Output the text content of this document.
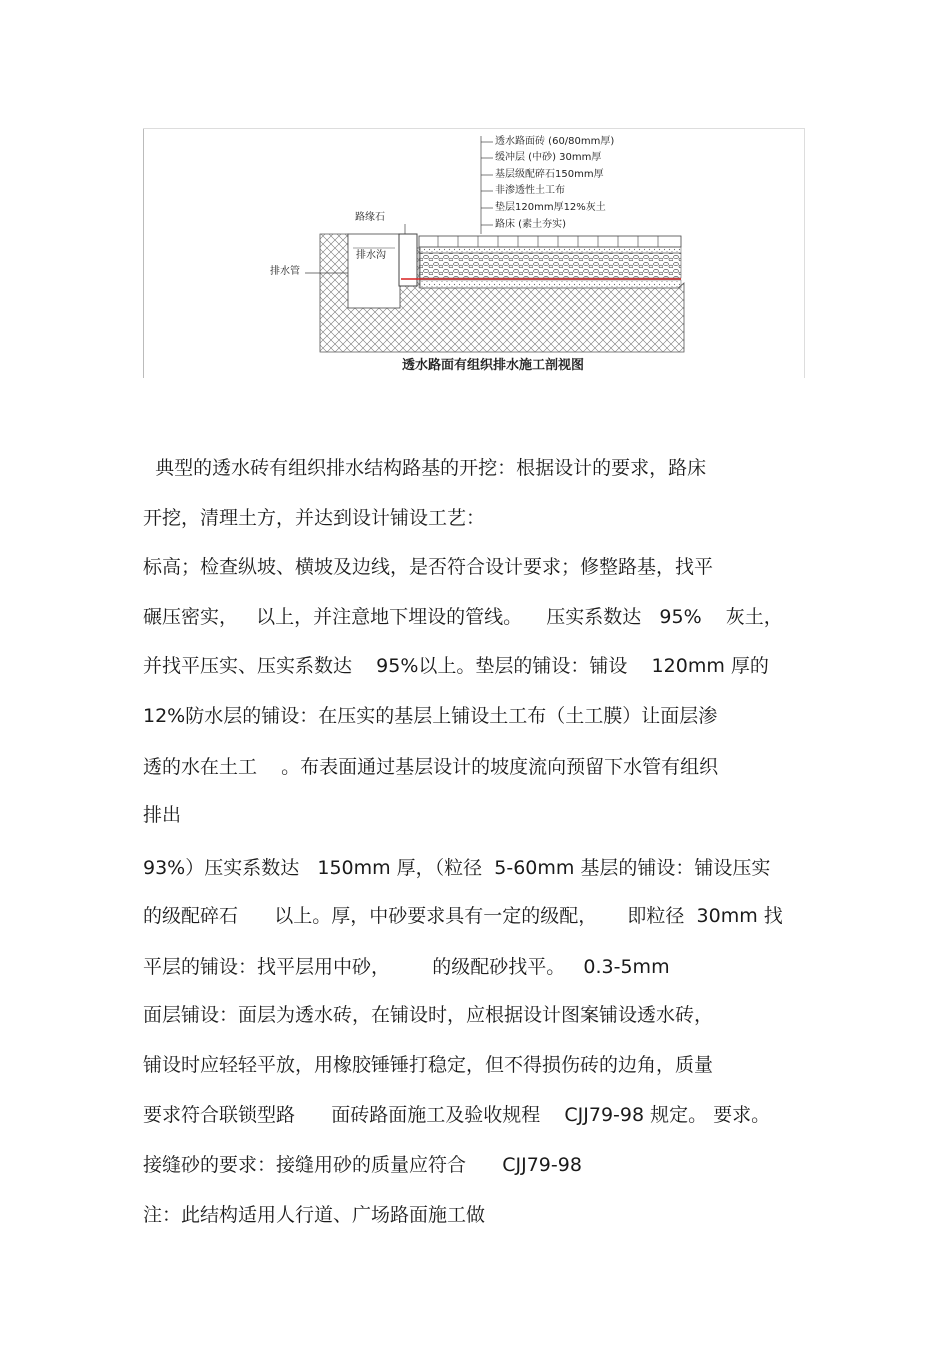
透水路面砖 (60/80mm厚)
缓冲层 (中砂) 30mm厚
基层级配碎石150mm厚
非渗透性土工布
垫层120mm厚12%灰土
路床 (素土夯实)
路缘石
排水沟
排水管
透水路面有组织排水施工剖视图
典型的透水砖有组织排水结构路基的开挖：根据设计的要求，路床
开挖，清理土方，并达到设计铺设工艺：
标高；检查纵坡、横坡及边线，是否符合设计要求；修整路基，找平
碾压密实，   以上，并注意地下埋设的管线。    压实系数达   95%    灰土，
并找平压实、压实系数达    95%以上。垫层的铺设：铺设    120mm 厚的
12%防水层的铺设：在压实的基层上铺设土工布（土工膜）让面层渗
透的水在土工    。布表面通过基层设计的坡度流向预留下水管有组织
排出
93%）压实系数达   150mm 厚，（粒径  5-60mm 基层的铺设：铺设压实
的级配碎石      以上。厚，中砂要求具有一定的级配，     即粒径  30mm 找
平层的铺设：找平层用中砂，       的级配砂找平。   0.3-5mm
面层铺设：面层为透水砖，在铺设时，应根据设计图案铺设透水砖，
铺设时应轻轻平放，用橡胶锤锤打稳定，但不得损伤砖的边角，质量
要求符合联锁型路      面砖路面施工及验收规程    CJJ79-98 规定。 要求。
接缝砂的要求：接缝用砂的质量应符合      CJJ79-98
注：此结构适用人行道、广场路面施工做
